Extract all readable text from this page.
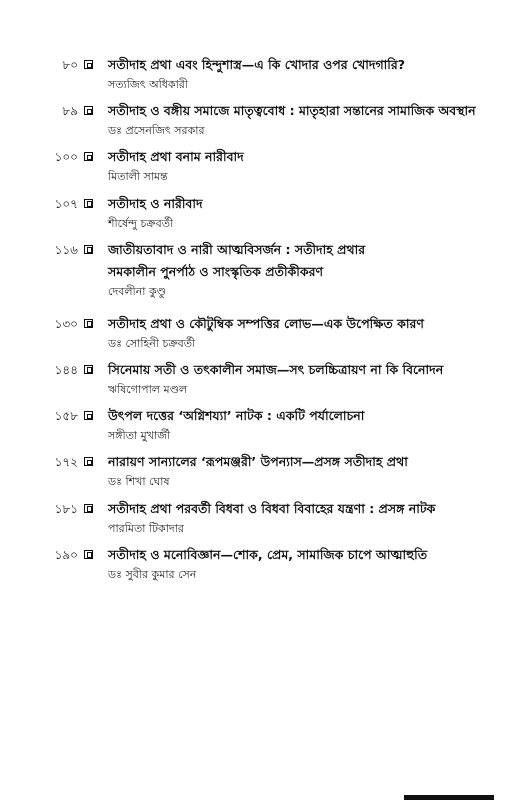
৮০ সতীদাহ প্রথা এবং হিন্দুশাস্ত্র—এ কি খোদার ওপর খোদগারি?
সত্যজিৎ অধিকারী
৮৯ সতীদাহ ও বঙ্গীয় সমাজে মাতৃত্ববোধ : মাতৃহারা সন্তানের সামাজিক অবস্থান
ডঃ প্রসেনজিৎ সরকার
১০০ সতীদাহ প্রথা বনাম নারীবাদ
মিতালী সামন্ত
১০৭ সতীদাহ ও নারীবাদ
শীর্ষেন্দু চক্রবর্তী
১১৬ জাতীয়তাবাদ ও নারী আত্মবিসর্জন : সতীদাহ প্রথার
সমকালীন পুনর্পাঠ ও সাংস্কৃতিক প্রতীকীকরণ
দেবলীনা কুণ্ডু
১৩০ সতীদাহ প্রথা ও কৌটুম্বিক সম্পত্তির লোভ—এক উপেক্ষিত কারণ
ডঃ সোহিনী চক্রবর্তী
১৪৪ সিনেমায় সতী ও তৎকালীন সমাজ—সৎ চলচ্চিত্রায়ণ না কি বিনোদন
ঋষিগোপাল মণ্ডল
১৫৮ উৎপল দত্তের ‘অগ্নিশয্যা’ নাটক : একটি পর্যালোচনা
সঙ্গীতা মুখার্জী
১৭২ নারায়ণ সান্যালের ‘রূপমঞ্জরী’ উপন্যাস—প্রসঙ্গ সতীদাহ প্রথা
ডঃ শিখা ঘোষ
১৮১ সতীদাহ প্রথা পরবর্তী বিধবা ও বিধবা বিবাহের যন্ত্রণা : প্রসঙ্গ নাটক
পারমিতা টিকাদার
১৯০ সতীদাহ ও মনোবিজ্ঞান—শোক, প্রেম, সামাজিক চাপে আত্মাহুতি
ডঃ সুবীর কুমার সেন
